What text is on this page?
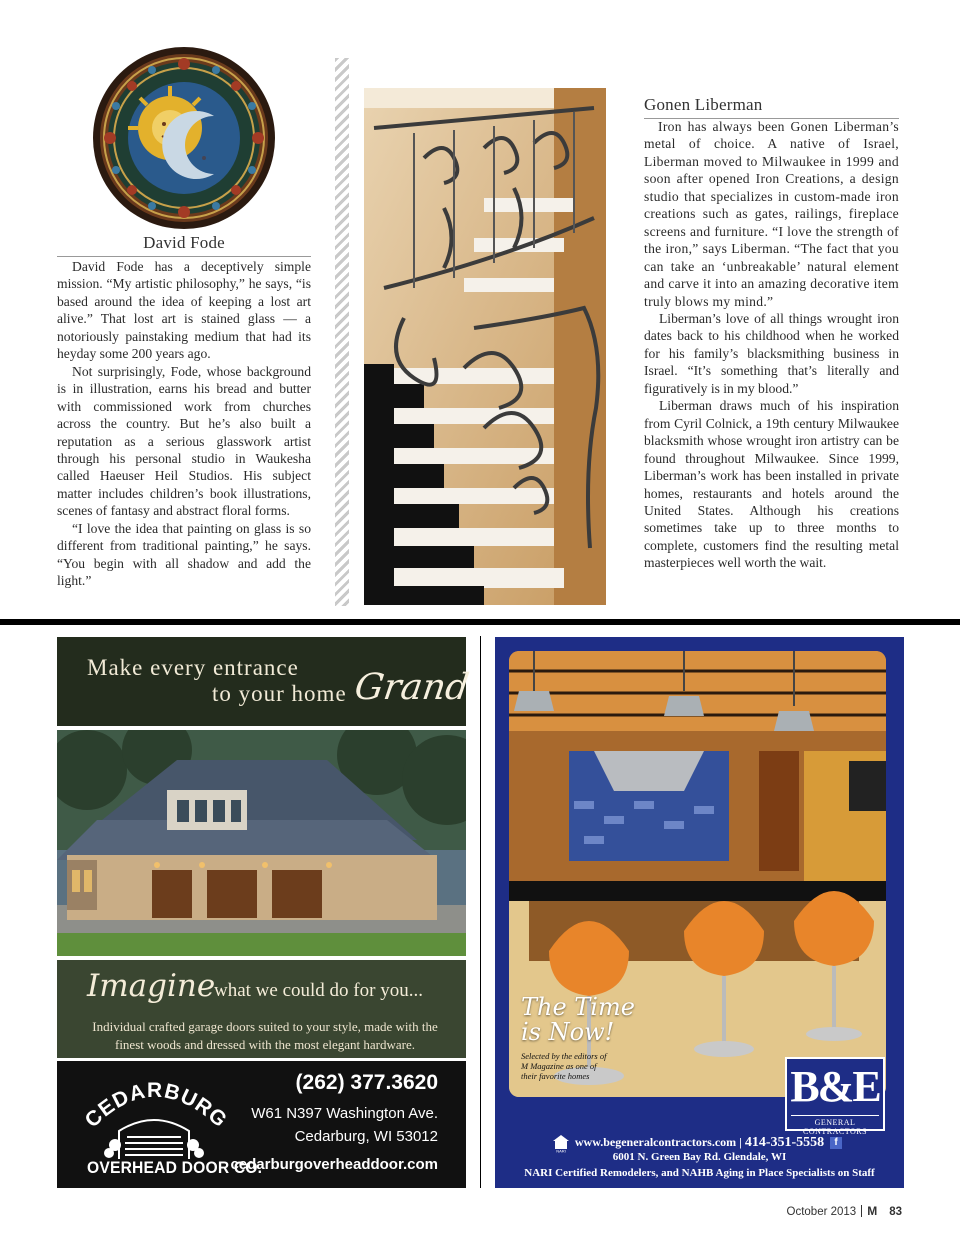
David Fode

David Fode has a deceptively simple mission. “My artistic philosophy,” he says, “is based around the idea of keeping a lost art alive.” That lost art is stained glass — a notoriously painstaking medium that had its heyday some 200 years ago.

Not surprisingly, Fode, whose background is in illustration, earns his bread and butter with commissioned work from churches across the country. But he’s also built a reputation as a serious glasswork artist through his personal studio in Waukesha called Haeuser Heil Studios. His subject matter includes children’s book illustrations, scenes of fantasy and abstract floral forms.

“I love the idea that painting on glass is so different from traditional painting,” he says. “You begin with all shadow and add the light.”

Gonen Liberman

Iron has always been Gonen Liberman’s metal of choice. A native of Israel, Liberman moved to Milwaukee in 1999 and soon after opened Iron Creations, a design studio that specializes in custom-made iron creations such as gates, railings, fireplace screens and furniture. “I love the strength of the iron,” says Liberman. “The fact that you can take an ‘unbreakable’ natural element and carve it into an amazing decorative item truly blows my mind.”

Liberman’s love of all things wrought iron dates back to his childhood when he worked for his family’s blacksmithing business in Israel. “It’s something that’s literally and figuratively is in my blood.”

Liberman draws much of his inspiration from Cyril Colnick, a 19th century Milwaukee blacksmith whose wrought iron artistry can be found throughout Milwaukee. Since 1999, Liberman’s work has been installed in private homes, restaurants and hotels around the United States. Although his creations sometimes take up to three months to complete, customers find the resulting metal masterpieces well worth the wait.

Make every entrance
to your home Grand
Imagine
what we could do for you...
Individual crafted garage doors suited to your style, made with the finest woods and dressed with the most elegant hardware.
CEDARBURG
OVERHEAD DOOR CO.
(262) 377.3620
W61 N397 Washington Ave.
Cedarburg, WI 53012
cedarburgoverheaddoor.com
The Time
is Now!
Selected by the editors of M Magazine as one of their favorite homes	B&E
GENERAL CONTRACTORS
NARI
www.begeneralcontractors.com | 414-351-5558	f
6001 N. Green Bay Rd. Glendale, WI
NARI Certified Remodelers, and NAHB Aging in Place Specialists on Staff
October 2013 M 83
